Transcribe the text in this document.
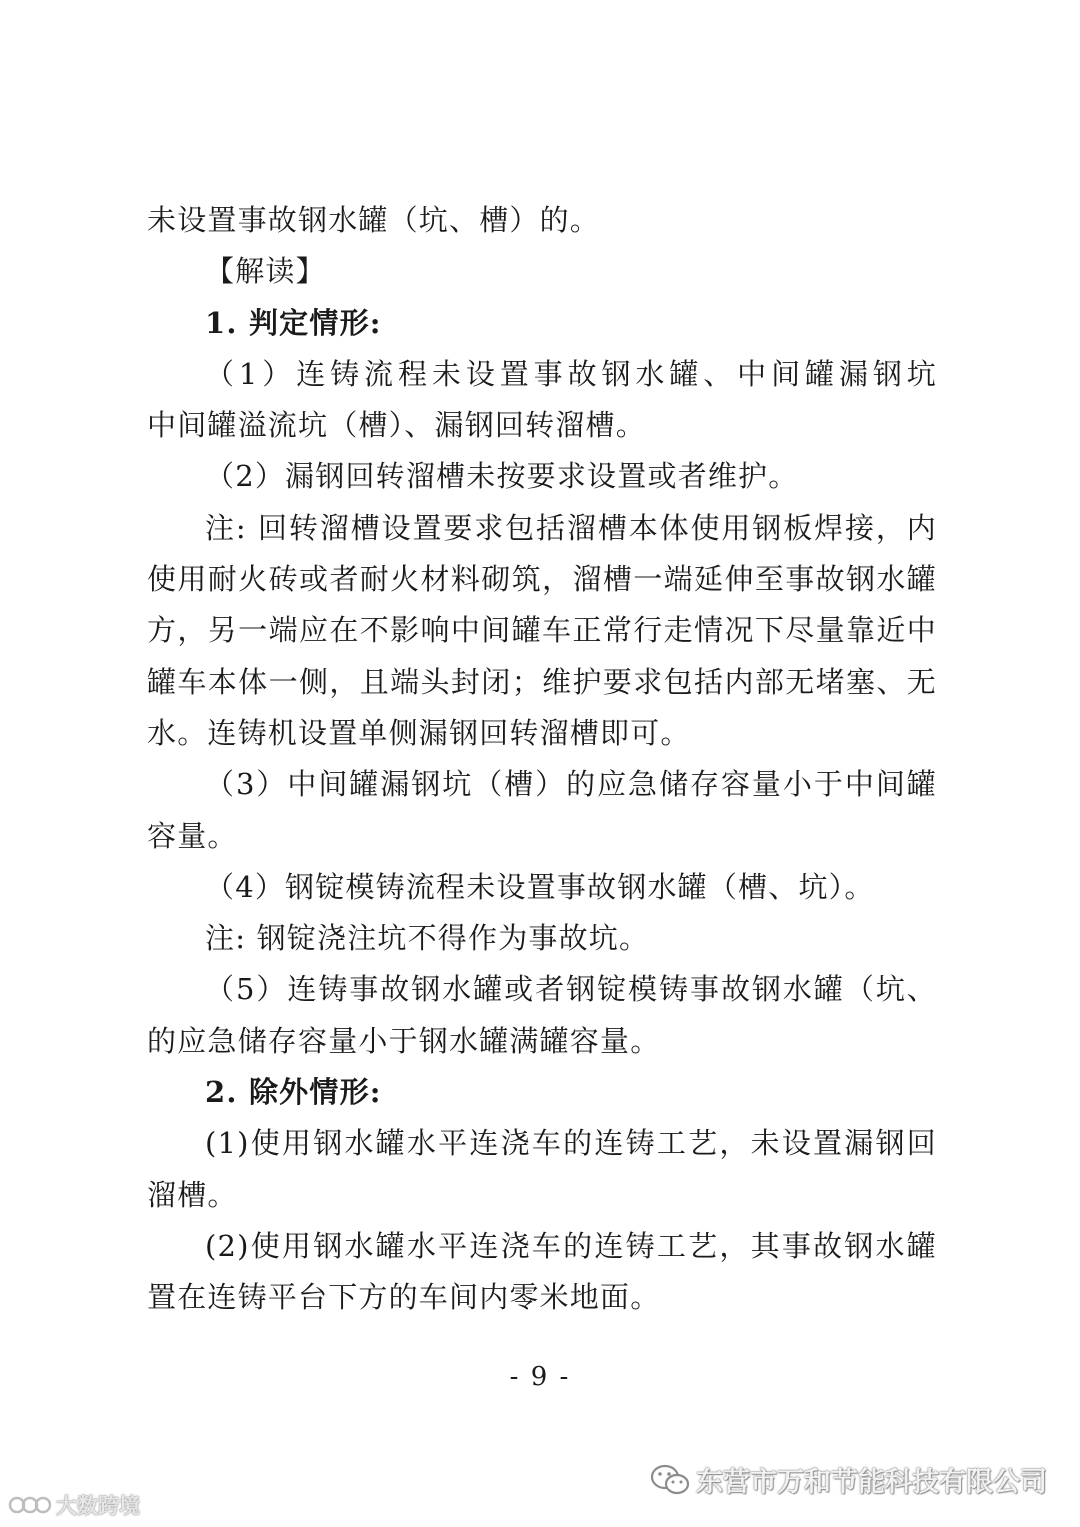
未设置事故钢水罐（坑、槽）的。
【解读】
1. 判定情形:
（1）连铸流程未设置事故钢水罐、中间罐漏钢坑
中间罐溢流坑（槽）、漏钢回转溜槽。
（2）漏钢回转溜槽未按要求设置或者维护。
注: 回转溜槽设置要求包括溜槽本体使用钢板焊接，内
使用耐火砖或者耐火材料砌筑，溜槽一端延伸至事故钢水罐
方，另一端应在不影响中间罐车正常行走情况下尽量靠近中
罐车本体一侧，且端头封闭；维护要求包括内部无堵塞、无
水。连铸机设置单侧漏钢回转溜槽即可。
（3）中间罐漏钢坑（槽）的应急储存容量小于中间罐
容量。
（4）钢锭模铸流程未设置事故钢水罐（槽、坑）。
注: 钢锭浇注坑不得作为事故坑。
（5）连铸事故钢水罐或者钢锭模铸事故钢水罐（坑、
的应急储存容量小于钢水罐满罐容量。
2. 除外情形:
(1)使用钢水罐水平连浇车的连铸工艺，未设置漏钢回
溜槽。
(2)使用钢水罐水平连浇车的连铸工艺，其事故钢水罐
置在连铸平台下方的车间内零米地面。
- 9 -
大数跨境
东营市万和节能科技有限公司
